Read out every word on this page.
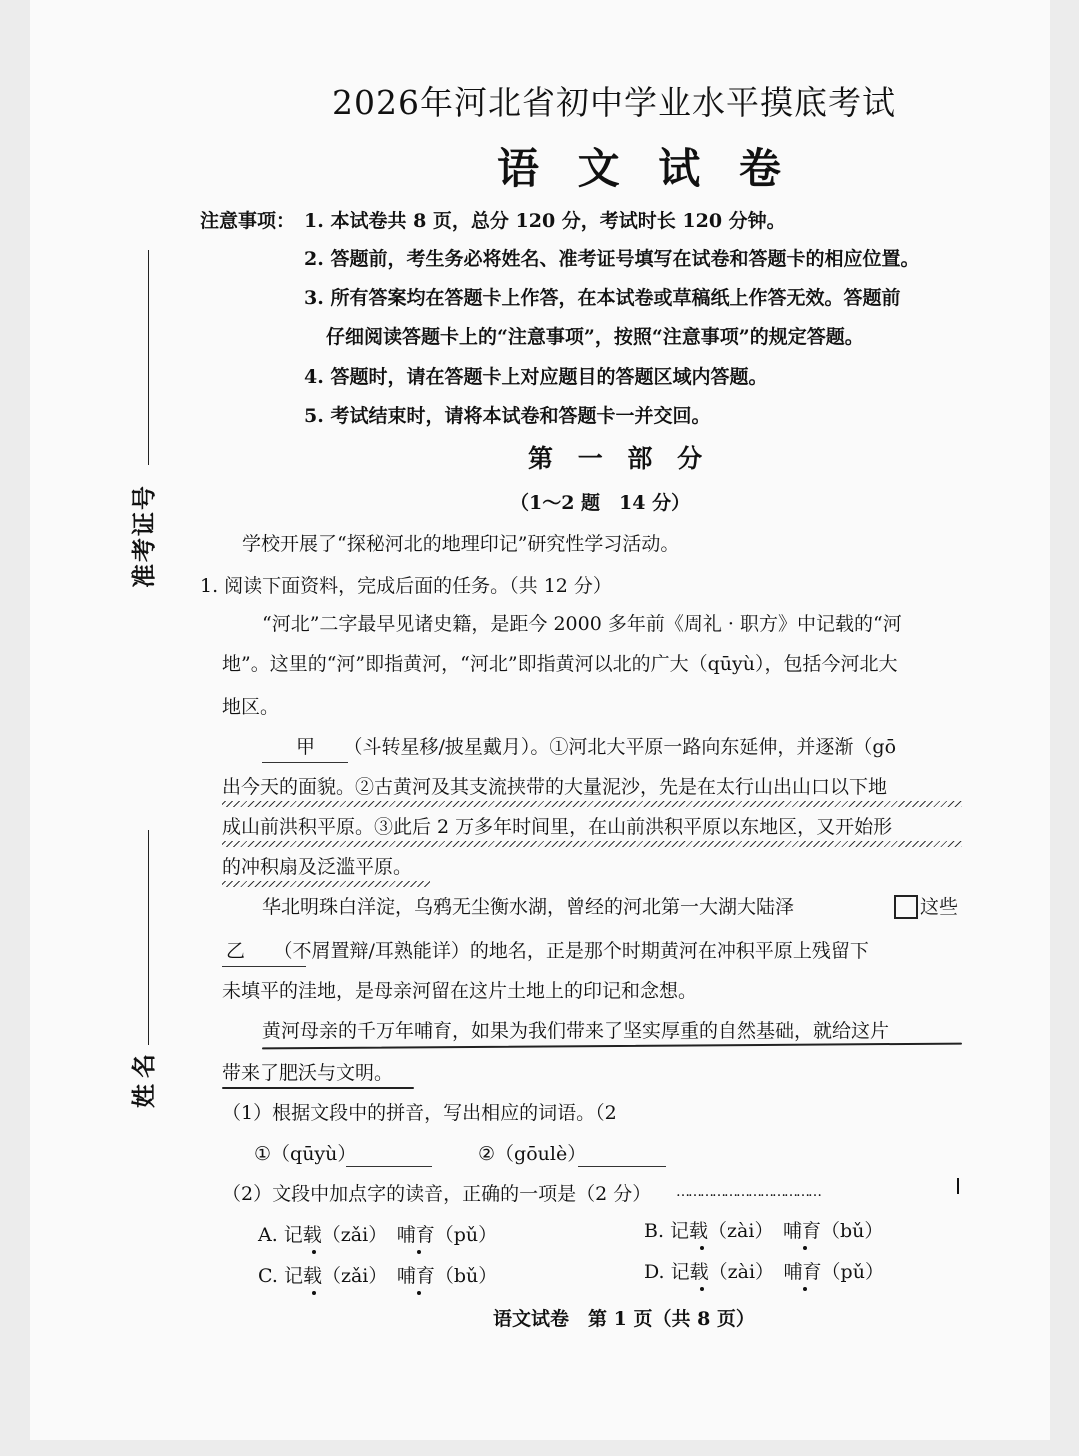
准考证号
姓名
2026年河北省初中学业水平摸底考试
语 文 试 卷
注意事项： 1. 本试卷共 8 页，总分 120 分，考试时长 120 分钟。
2. 答题前，考生务必将姓名、准考证号填写在试卷和答题卡的相应位置。
3. 所有答案均在答题卡上作答，在本试卷或草稿纸上作答无效。答题前
仔细阅读答题卡上的“注意事项”，按照“注意事项”的规定答题。
4. 答题时，请在答题卡上对应题目的答题区域内答题。
5. 考试结束时，请将本试卷和答题卡一并交回。
第 一 部 分
（1～2 题　14 分）
学校开展了“探秘河北的地理印记”研究性学习活动。
1. 阅读下面资料，完成后面的任务。（共 12 分）
“河北”二字最早见诸史籍，是距今 2000 多年前《周礼 · 职方》中记载的“河
地”。这里的“河”即指黄河，“河北”即指黄河以北的广大（qūyù），包括今河北大
地区。
甲　　（斗转星移/披星戴月）。①河北大平原一路向东延伸，并逐渐（gō
出今天的面貌。②古黄河及其支流挟带的大量泥沙，先是在太行山出山口以下地
成山前洪积平原。③此后 2 万多年时间里，在山前洪积平原以东地区，又开始形
的冲积扇及泛滥平原。
华北明珠白洋淀，乌鸦无尘衡水湖，曾经的河北第一大湖大陆泽	这些
乙　　（不屑置辩/耳熟能详）的地名，正是那个时期黄河在冲积平原上残留下
未填平的洼地，是母亲河留在这片土地上的印记和念想。
黄河母亲的千万年哺育，如果为我们带来了坚实厚重的自然基础，就给这片
带来了肥沃与文明。
（1）根据文段中的拼音，写出相应的词语。（2
①（qūyù）	②（gōulè）
（2）文段中加点字的读音，正确的一项是（2 分） ………………………………
A. 记载（zǎi）　哺育（pǔ）	B. 记载（zài）　哺育（bǔ）
C. 记载（zǎi）　哺育（bǔ）	D. 记载（zài）　哺育（pǔ）
语文试卷　第 1 页（共 8 页）
